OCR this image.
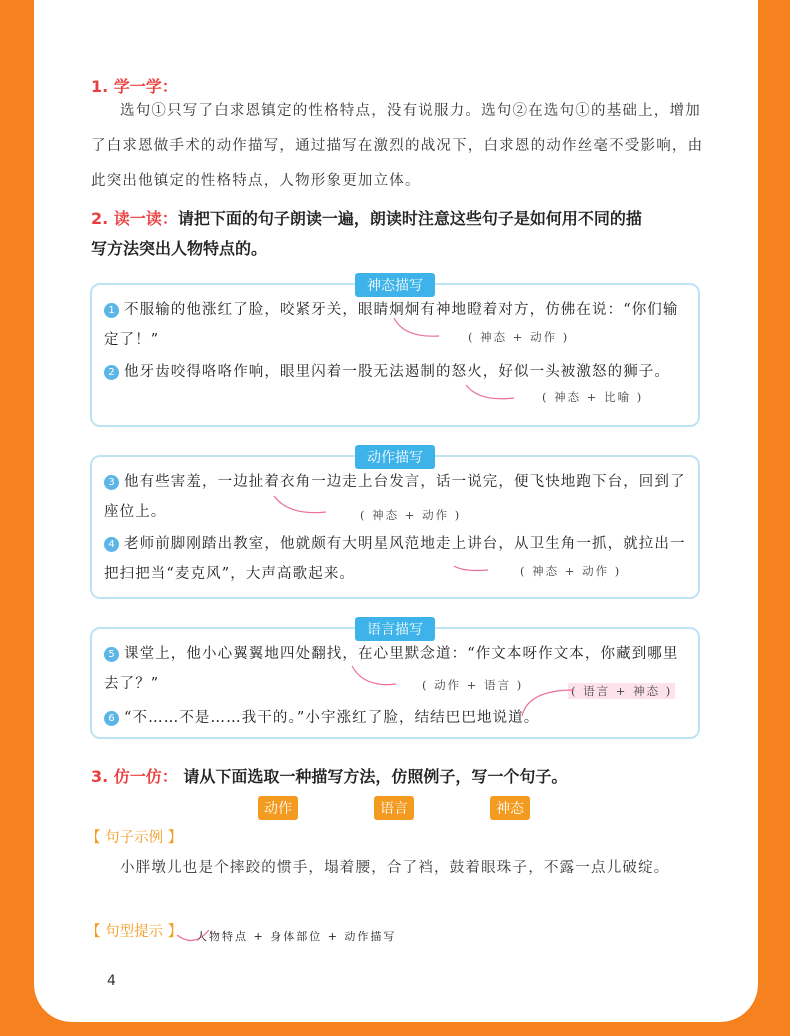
1. 学一学：
选句①只写了白求恩镇定的性格特点，没有说服力。选句②在选句①的基础上，增加了白求恩做手术的动作描写，通过描写在激烈的战况下，白求恩的动作丝毫不受影响，由此突出他镇定的性格特点，人物形象更加立体。
2. 读一读：请把下面的句子朗读一遍，朗读时注意这些句子是如何用不同的描
写方法突出人物特点的。
神态描写
1 不服输的他涨红了脸，咬紧牙关，眼睛炯炯有神地瞪着对方，仿佛在说：“你们输定了！”	( 神态 + 动作 )
2 他牙齿咬得咯咯作响，眼里闪着一股无法遏制的怒火，好似一头被激怒的狮子。
( 神态 + 比喻 )
动作描写
3 他有些害羞，一边扯着衣角一边走上台发言，话一说完，便飞快地跑下台，回到了座位上。	( 神态 + 动作 )
4 老师前脚刚踏出教室，他就颇有大明星风范地走上讲台，从卫生角一抓，就拉出一把扫把当“麦克风”，大声高歌起来。	( 神态 + 动作 )
语言描写
5 课堂上，他小心翼翼地四处翻找，在心里默念道：“作文本呀作文本，你藏到哪里去了？”	( 动作 + 语言 )	( 语言 + 神态 )
6 “不……不是……我干的。”小宇涨红了脸，结结巴巴地说道。
3. 仿一仿： 请从下面选取一种描写方法，仿照例子，写一个句子。
动作	语言	神态
【 句子示例 】
小胖墩儿也是个摔跤的惯手，塌着腰，合了裆，鼓着眼珠子，不露一点儿破绽。
【 句型提示 】 人物特点 + 身体部位 + 动作描写
4
